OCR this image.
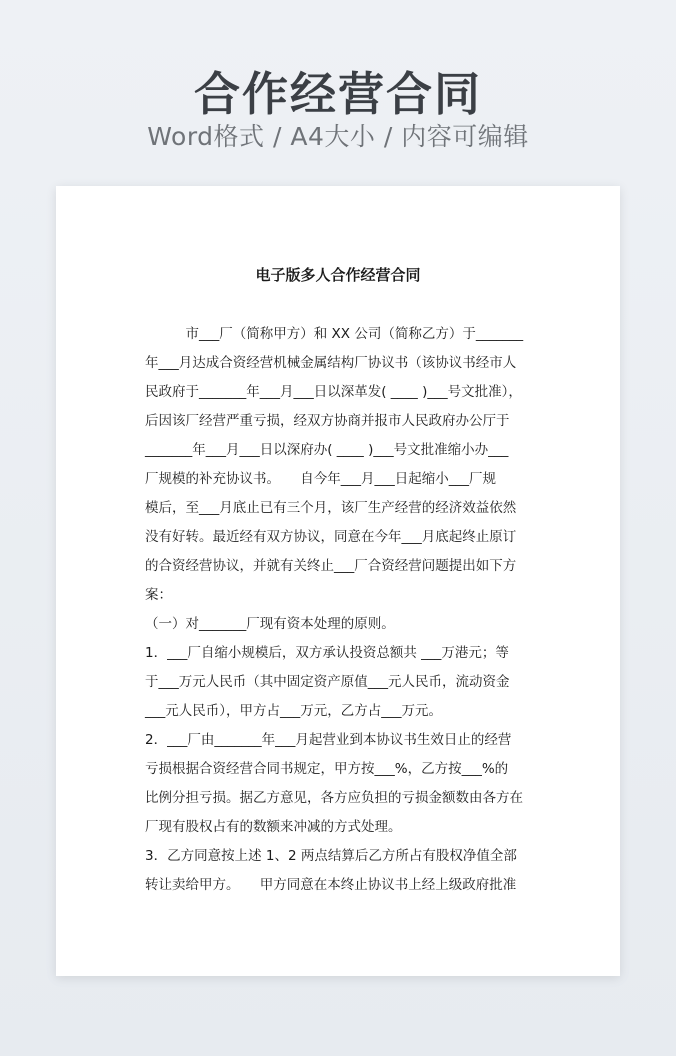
合作经营合同
Word格式 / A4大小 / 内容可编辑
电子版多人合作经营合同
　　　市___厂（简称甲方）和 XX 公司（简称乙方）于_______
年___月达成合资经营机械金属结构厂协议书（该协议书经市人
民政府于_______年___月___日以深革发( ____ )___号文批准），
后因该厂经营严重亏损，经双方协商并报市人民政府办公厅于
_______年___月___日以深府办( ____ )___号文批准缩小办___
厂规模的补充协议书。　　自今年___月___日起缩小___厂规
模后，至___月底止已有三个月，该厂生产经营的经济效益依然
没有好转。最近经有双方协议，同意在今年___月底起终止原订
的合资经营协议，并就有关终止___厂合资经营问题提出如下方
案：
（一）对_______厂现有资本处理的原则。
1．___厂自缩小规模后，双方承认投资总额共 ___万港元；等
于___万元人民币（其中固定资产原值___元人民币，流动资金
___元人民币），甲方占___万元，乙方占___万元。
2．___厂由_______年___月起营业到本协议书生效日止的经营
亏损根据合资经营合同书规定，甲方按___%，乙方按___%的
比例分担亏损。据乙方意见，各方应负担的亏损金额数由各方在
厂现有股权占有的数额来冲减的方式处理。
3．乙方同意按上述 1、2 两点结算后乙方所占有股权净值全部
转让卖给甲方。　　甲方同意在本终止协议书上经上级政府批准
